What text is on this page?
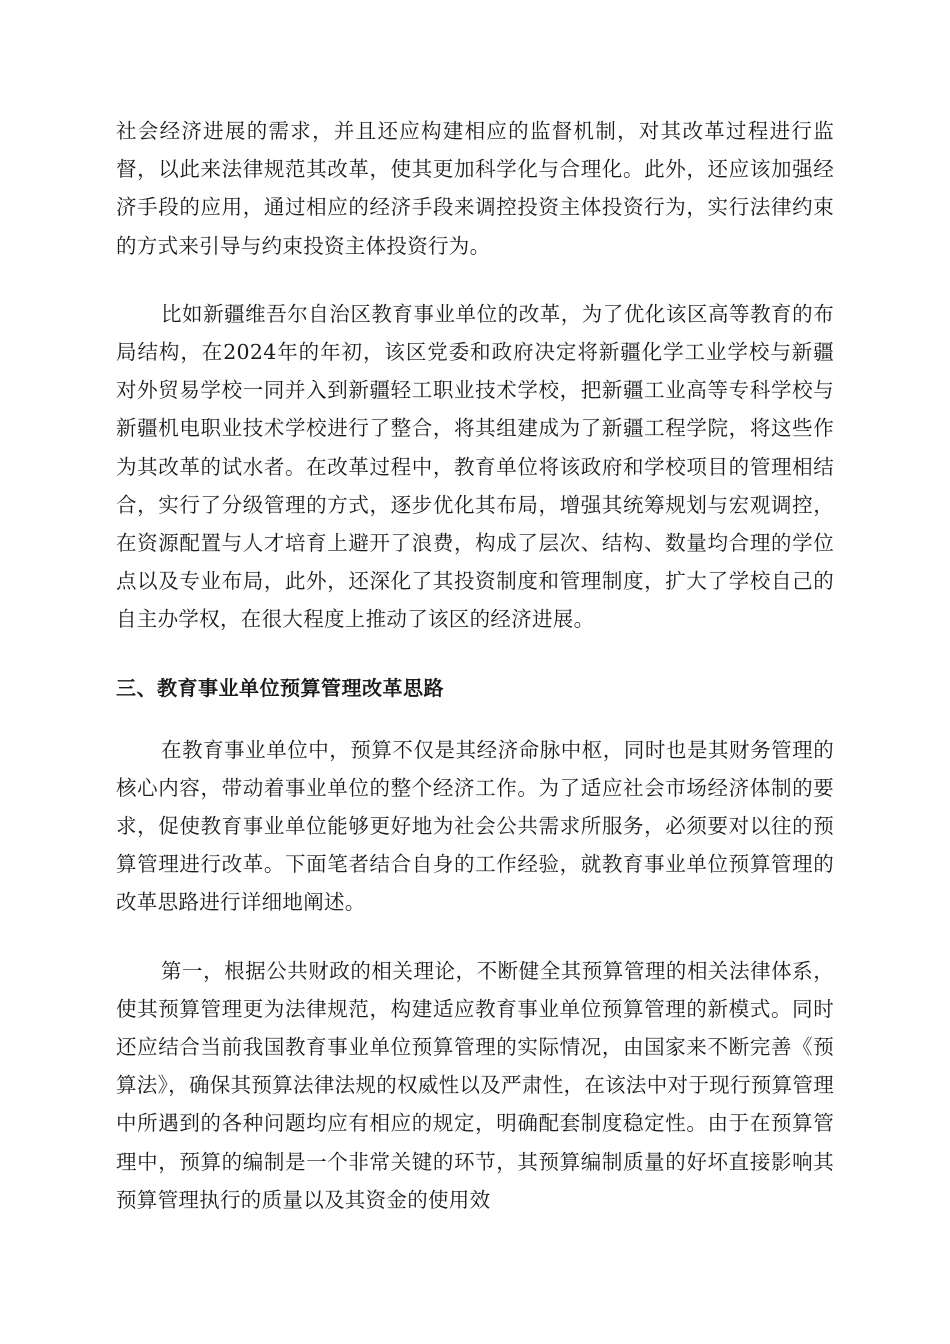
社会经济进展的需求，并且还应构建相应的监督机制，对其改革过程进行监督，以此来法律规范其改革，使其更加科学化与合理化。此外，还应该加强经济手段的应用，通过相应的经济手段来调控投资主体投资行为，实行法律约束的方式来引导与约束投资主体投资行为。

比如新疆维吾尔自治区教育事业单位的改革，为了优化该区高等教育的布局结构，在2024年的年初，该区党委和政府决定将新疆化学工业学校与新疆对外贸易学校一同并入到新疆轻工职业技术学校，把新疆工业高等专科学校与新疆机电职业技术学校进行了整合，将其组建成为了新疆工程学院，将这些作为其改革的试水者。在改革过程中，教育单位将该政府和学校项目的管理相结合，实行了分级管理的方式，逐步优化其布局，增强其统筹规划与宏观调控，在资源配置与人才培育上避开了浪费，构成了层次、结构、数量均合理的学位点以及专业布局，此外，还深化了其投资制度和管理制度，扩大了学校自己的自主办学权，在很大程度上推动了该区的经济进展。

三、教育事业单位预算管理改革思路

在教育事业单位中，预算不仅是其经济命脉中枢，同时也是其财务管理的核心内容，带动着事业单位的整个经济工作。为了适应社会市场经济体制的要求，促使教育事业单位能够更好地为社会公共需求所服务，必须要对以往的预算管理进行改革。下面笔者结合自身的工作经验，就教育事业单位预算管理的改革思路进行详细地阐述。

第一，根据公共财政的相关理论，不断健全其预算管理的相关法律体系，使其预算管理更为法律规范，构建适应教育事业单位预算管理的新模式。同时还应结合当前我国教育事业单位预算管理的实际情况，由国家来不断完善《预算法》，确保其预算法律法规的权威性以及严肃性，在该法中对于现行预算管理中所遇到的各种问题均应有相应的规定，明确配套制度稳定性。由于在预算管理中，预算的编制是一个非常关键的环节，其预算编制质量的好坏直接影响其预算管理执行的质量以及其资金的使用效
